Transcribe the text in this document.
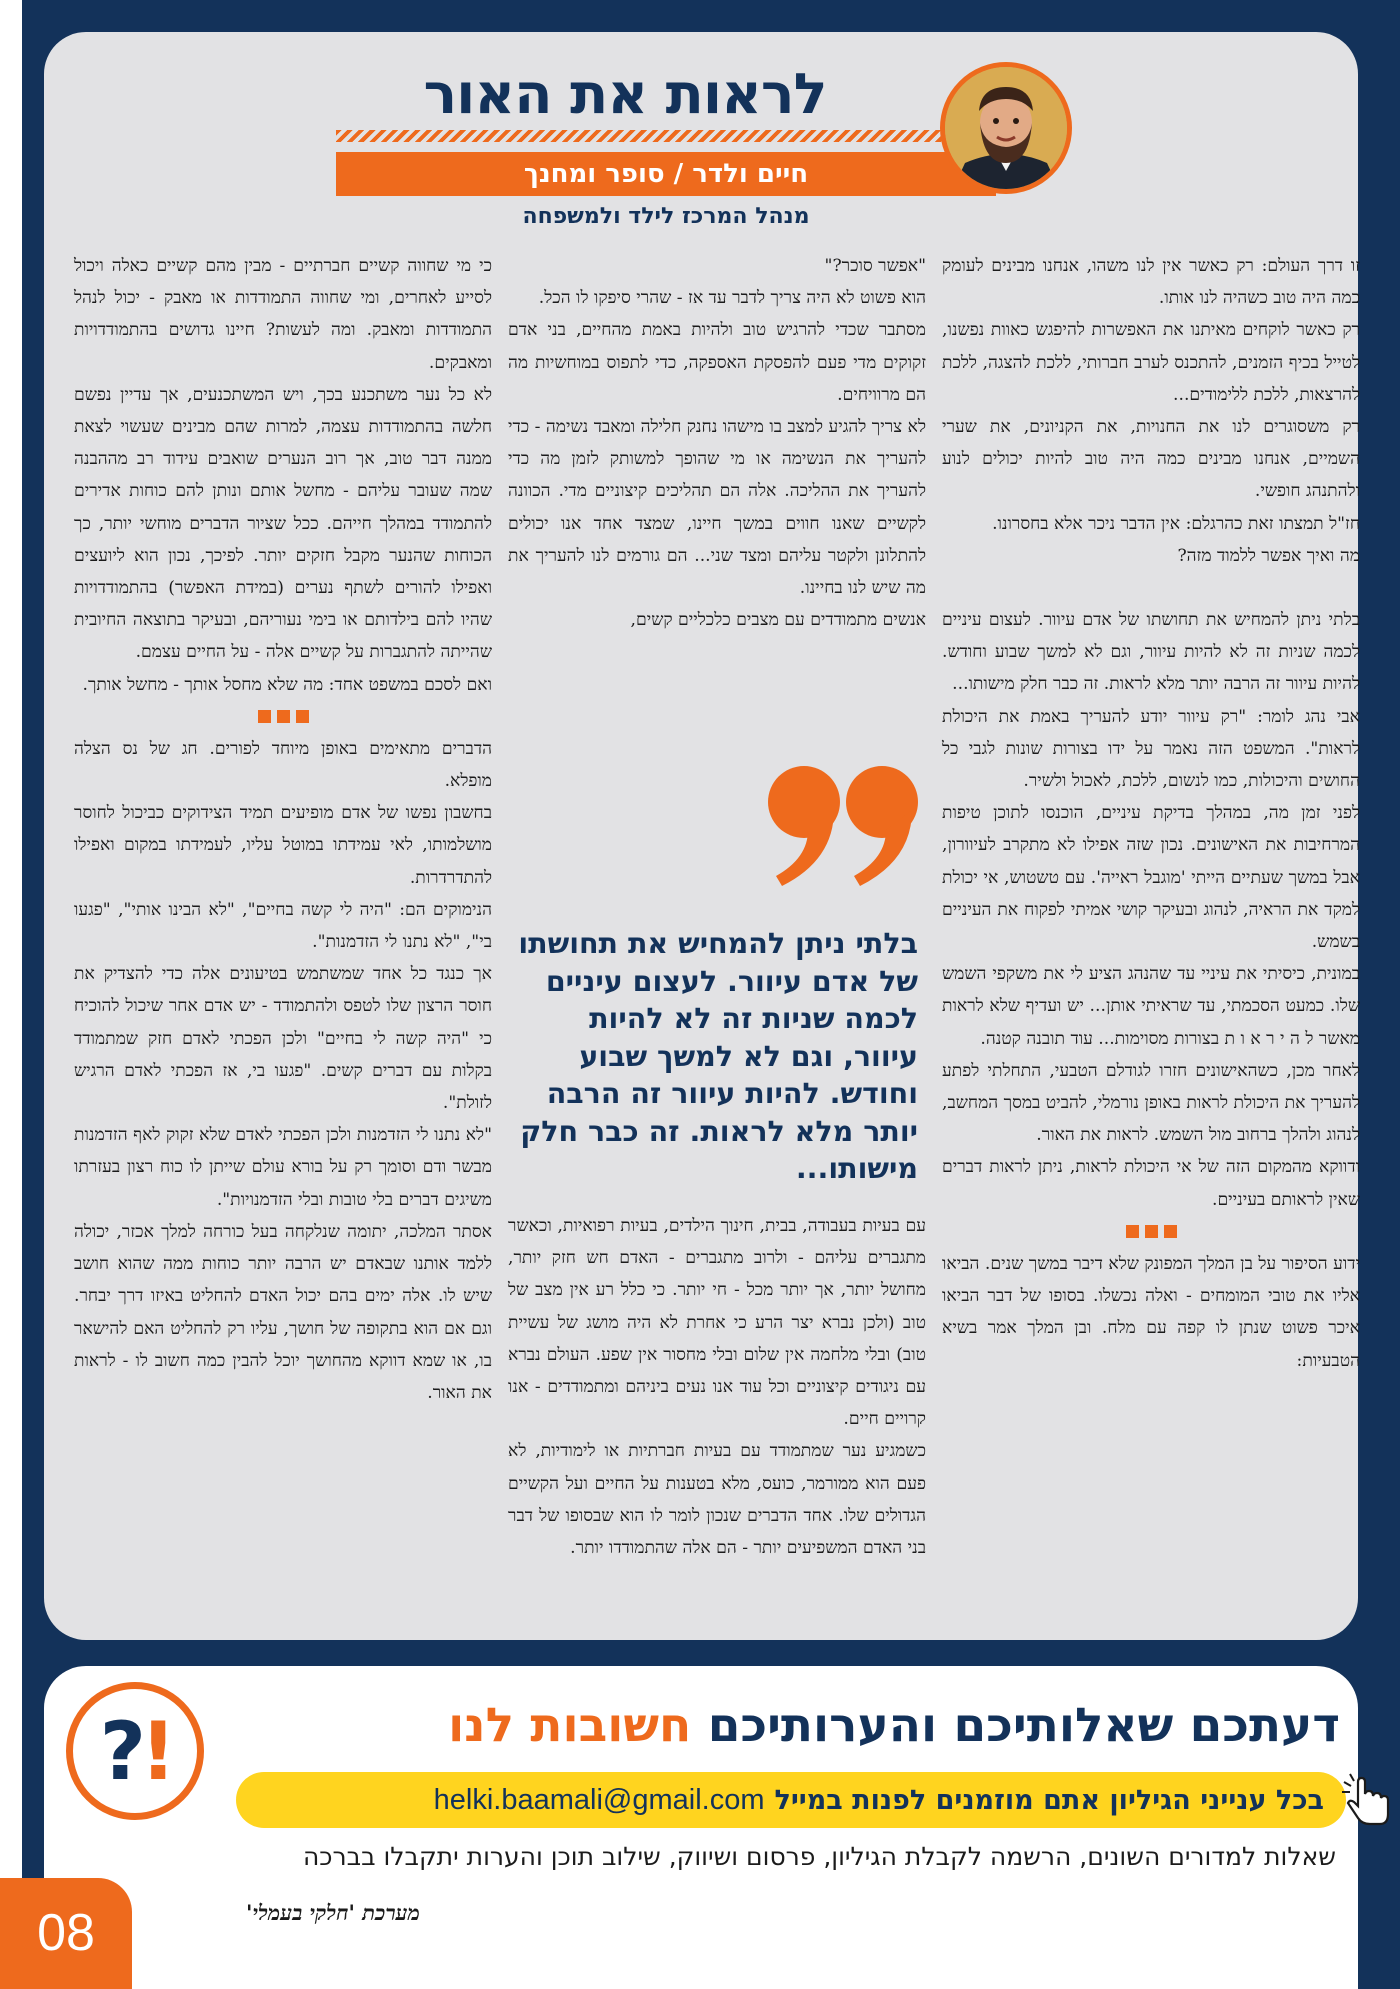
לראות את האור
חיים ולדר / סופר ומחנך
מנהל המרכז לילד ולמשפחה

זו דרך העולם: רק כאשר אין לנו משהו, אנחנו מבינים לעומק כמה היה טוב כשהיה לנו אותו.

רק כאשר לוקחים מאיתנו את האפשרות להיפגש כאוות נפשנו, לטייל בכיף הזמנים, להתכנס לערב חברותי, ללכת להצגה, ללכת להרצאות, ללכת ללימודים...

רק משסוגרים לנו את החנויות, את הקניונים, את שערי השמיים, אנחנו מבינים כמה היה טוב להיות יכולים לנוע ולהתנהג חופשי.

חז"ל תמצתו זאת כהרגלם: אין הדבר ניכר אלא בחסרונו.

מה ואיך אפשר ללמוד מזה?

בלתי ניתן להמחיש את תחושתו של אדם עיוור. לעצום עיניים לכמה שניות זה לא להיות עיוור, וגם לא למשך שבוע וחודש. להיות עיוור זה הרבה יותר מלא לראות. זה כבר חלק מישותו...

אבי נהג לומר: "רק עיוור יודע להעריך באמת את היכולת לראות". המשפט הזה נאמר על ידו בצורות שונות לגבי כל החושים והיכולות, כמו לנשום, ללכת, לאכול ולשיר.

לפני זמן מה, במהלך בדיקת עיניים, הוכנסו לתוכן טיפות המרחיבות את האישונים. נכון שזה אפילו לא מתקרב לעיוורון, אבל במשך שעתיים הייתי 'מוגבל ראייה'. עם טשטוש, אי יכולת למקד את הראיה, לנהוג ובעיקר קושי אמיתי לפקוח את העיניים בשמש.

במונית, כיסיתי את עיניי עד שהנהג הציע לי את משקפי השמש שלו. כמעט הסכמתי, עד שראיתי אותן... יש ועדיף שלא לראות מאשר ל ה י ר א ו ת בצורות מסוימות... עוד תובנה קטנה.

לאחר מכן, כשהאישונים חזרו לגודלם הטבעי, התחלתי לפתע להעריך את היכולת לראות באופן נורמלי, להביט במסך המחשב, לנהוג ולהלך ברחוב מול השמש. לראות את האור.

ודווקא מהמקום הזה של אי היכולת לראות, ניתן לראות דברים שאין לראותם בעיניים.

ידוע הסיפור על בן המלך המפונק שלא דיבר במשך שנים. הביאו אליו את טובי המומחים - ואלה נכשלו. בסופו של דבר הביאו איכר פשוט שנתן לו קפה עם מלח. ובן המלך אמר בשיא הטבעיות:

"אפשר סוכר?"

הוא פשוט לא היה צריך לדבר עד אז - שהרי סיפקו לו הכל.

מסתבר שכדי להרגיש טוב ולהיות באמת מהחיים, בני אדם זקוקים מדי פעם להפסקת האספקה, כדי לתפוס במוחשיות מה הם מרוויחים.

לא צריך להגיע למצב בו מישהו נחנק חלילה ומאבד נשימה - כדי להעריך את הנשימה או מי שהופך למשותק לזמן מה כדי להעריך את ההליכה. אלה הם תהליכים קיצוניים מדי. הכוונה לקשיים שאנו חווים במשך חיינו, שמצד אחד אנו יכולים להתלונן ולקטר עליהם ומצד שני... הם גורמים לנו להעריך את מה שיש לנו בחיינו.

אנשים מתמודדים עם מצבים כלכליים קשים,

בלתי ניתן להמחיש את תחושתו של אדם עיוור. לעצום עיניים לכמה שניות זה לא להיות עיוור, וגם לא למשך שבוע וחודש. להיות עיוור זה הרבה יותר מלא לראות. זה כבר חלק מישותו...

עם בעיות בעבודה, בבית, חינוך הילדים, בעיות רפואיות, וכאשר מתגברים עליהם - ולרוב מתגברים - האדם חש חזק יותר, מחושל יותר, אך יותר מכל - חי יותר. כי כלל רע אין מצב של טוב (ולכן נברא יצר הרע כי אחרת לא היה מושג של עשיית טוב) ובלי מלחמה אין שלום ובלי מחסור אין שפע. העולם נברא עם ניגודים קיצוניים וכל עוד אנו נעים ביניהם ומתמודדים - אנו קרויים חיים.

כשמגיע נער שמתמודד עם בעיות חברתיות או לימודיות, לא פעם הוא ממורמר, כועס, מלא בטענות על החיים ועל הקשיים הגדולים שלו. אחד הדברים שנכון לומר לו הוא שבסופו של דבר בני האדם המשפיעים יותר - הם אלה שהתמודדו יותר.

כי מי שחווה קשיים חברתיים - מבין מהם קשיים כאלה ויכול לסייע לאחרים, ומי שחווה התמודדות או מאבק - יכול לנהל התמודדות ומאבק. ומה לעשות? חיינו גדושים בהתמודדויות ומאבקים.

לא כל נער משתכנע בכך, ויש המשתכנעים, אך עדיין נפשם חלשה בהתמודדות עצמה, למרות שהם מבינים שעשוי לצאת ממנה דבר טוב, אך רוב הנערים שואבים עידוד רב מההבנה שמה שעובר עליהם - מחשל אותם ונותן להם כוחות אדירים להתמודד במהלך חייהם. ככל שציור הדברים מוחשי יותר, כך הכוחות שהנער מקבל חזקים יותר. לפיכך, נכון הוא ליועצים ואפילו להורים לשתף נערים (במידת האפשר) בהתמודדויות שהיו להם בילדותם או בימי נעוריהם, ובעיקר בתוצאה החיובית שהייתה להתגברות על קשיים אלה - על החיים עצמם.

ואם לסכם במשפט אחד: מה שלא מחסל אותך - מחשל אותך.

הדברים מתאימים באופן מיוחד לפורים. חג של נס הצלה מופלא.

בחשבון נפשו של אדם מופיעים תמיד הצידוקים כביכול לחוסר מושלמותו, לאי עמידתו במוטל עליו, לעמידתו במקום ואפילו להתדרדרות.

הנימוקים הם: "היה לי קשה בחיים", "לא הבינו אותי", "פגעו בי", "לא נתנו לי הזדמנות".

אך כנגד כל אחד שמשתמש בטיעונים אלה כדי להצדיק את חוסר הרצון שלו לטפס ולהתמודד - יש אדם אחר שיכול להוכיח כי "היה קשה לי בחיים" ולכן הפכתי לאדם חזק שמתמודד בקלות עם דברים קשים. "פגעו בי, אז הפכתי לאדם הרגיש לזולת".

"לא נתנו לי הזדמנות ולכן הפכתי לאדם שלא זקוק לאף הזדמנות מבשר ודם וסומך רק על בורא עולם שייתן לו כוח רצון בעזרתו משיגים דברים בלי טובות ובלי הזדמנויות".

אסתר המלכה, יתומה שנלקחה בעל כורחה למלך אכזר, יכולה ללמד אותנו שבאדם יש הרבה יותר כוחות ממה שהוא חושב שיש לו. אלה ימים בהם יכול האדם להחליט באיזו דרך יבחר. וגם אם הוא בתקופה של חושך, עליו רק להחליט האם להישאר בו, או שמא דווקא מהחושך יוכל להבין כמה חשוב לו - לראות את האור.

!
?	דעתכם שאלותיכם והערותיכם חשובות לנו
בכל ענייני הגיליון אתם מוזמנים לפנות במייל
helki.baamali@gmail.com
שאלות למדורים השונים, הרשמה לקבלת הגיליון, פרסום ושיווק, שילוב תוכן והערות יתקבלו בברכה
מערכת 'חלקי בעמלי'
08
